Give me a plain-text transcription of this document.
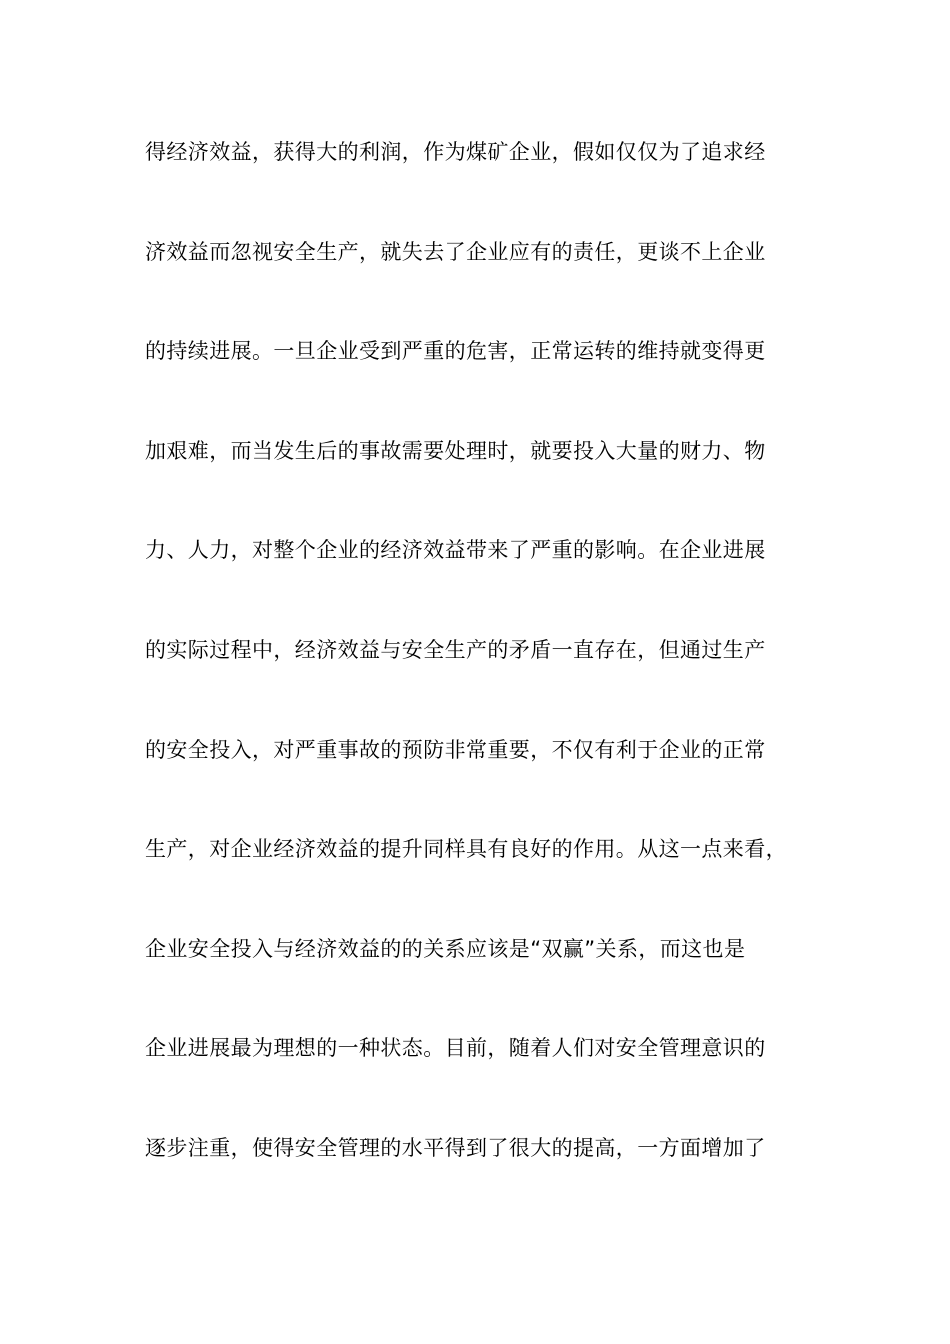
得经济效益，获得大的利润，作为煤矿企业，假如仅仅为了追求经
济效益而忽视安全生产，就失去了企业应有的责任，更谈不上企业
的持续进展。一旦企业受到严重的危害，正常运转的维持就变得更
加艰难，而当发生后的事故需要处理时，就要投入大量的财力、物
力、人力，对整个企业的经济效益带来了严重的影响。在企业进展
的实际过程中，经济效益与安全生产的矛盾一直存在，但通过生产
的安全投入，对严重事故的预防非常重要，不仅有利于企业的正常
生产，对企业经济效益的提升同样具有良好的作用。从这一点来看，
企业安全投入与经济效益的的关系应该是“双赢”关系，而这也是
企业进展最为理想的一种状态。目前，随着人们对安全管理意识的
逐步注重，使得安全管理的水平得到了很大的提高，一方面增加了
